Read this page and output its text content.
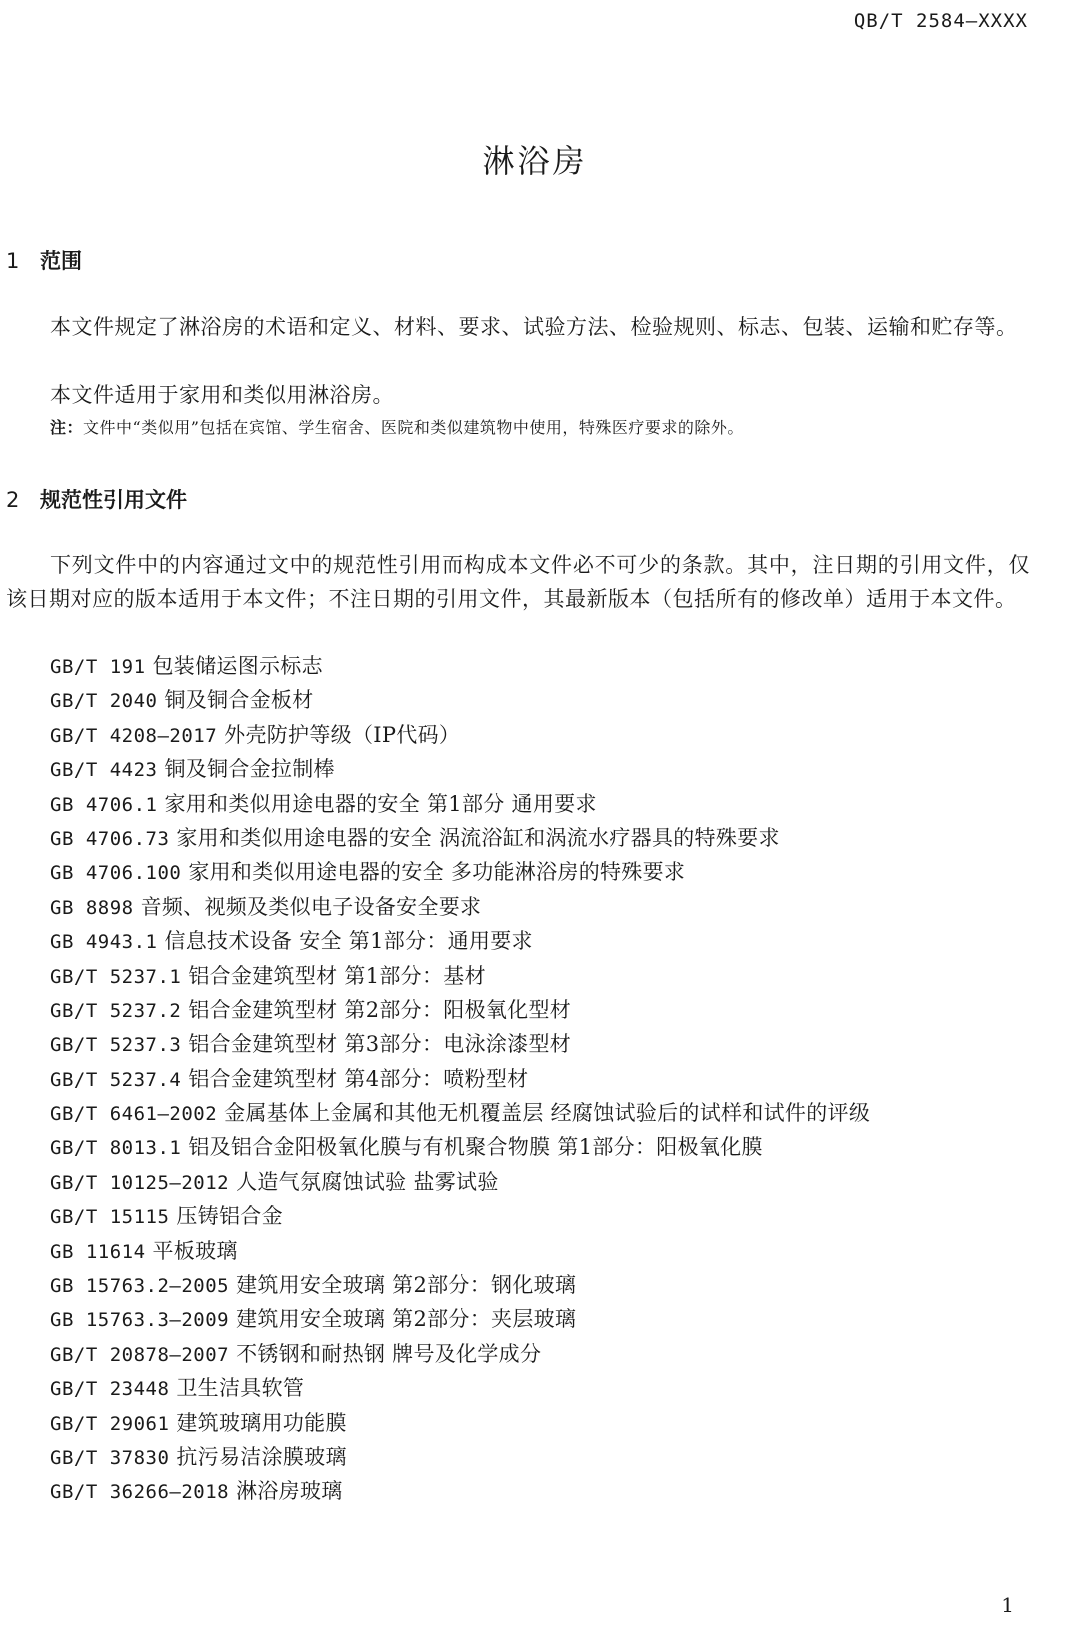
QB/T 2584—XXXX
淋浴房
1 范围
本文件规定了淋浴房的术语和定义、材料、要求、试验方法、检验规则、标志、包装、运输和贮存等。
本文件适用于家用和类似用淋浴房。
注：文件中“类似用”包括在宾馆、学生宿舍、医院和类似建筑物中使用，特殊医疗要求的除外。
2 规范性引用文件
下列文件中的内容通过文中的规范性引用而构成本文件必不可少的条款。其中，注日期的引用文件，仅该日期对应的版本适用于本文件；不注日期的引用文件，其最新版本（包括所有的修改单）适用于本文件。
GB/T 191 包装储运图示标志
GB/T 2040 铜及铜合金板材
GB/T 4208—2017 外壳防护等级（IP代码）
GB/T 4423 铜及铜合金拉制棒
GB 4706.1 家用和类似用途电器的安全 第1部分 通用要求
GB 4706.73 家用和类似用途电器的安全 涡流浴缸和涡流水疗器具的特殊要求
GB 4706.100 家用和类似用途电器的安全 多功能淋浴房的特殊要求
GB 8898 音频、视频及类似电子设备安全要求
GB 4943.1 信息技术设备 安全 第1部分：通用要求
GB/T 5237.1 铝合金建筑型材 第1部分：基材
GB/T 5237.2 铝合金建筑型材 第2部分：阳极氧化型材
GB/T 5237.3 铝合金建筑型材 第3部分：电泳涂漆型材
GB/T 5237.4 铝合金建筑型材 第4部分：喷粉型材
GB/T 6461—2002 金属基体上金属和其他无机覆盖层 经腐蚀试验后的试样和试件的评级
GB/T 8013.1 铝及铝合金阳极氧化膜与有机聚合物膜 第1部分：阳极氧化膜
GB/T 10125—2012 人造气氛腐蚀试验 盐雾试验
GB/T 15115 压铸铝合金
GB 11614 平板玻璃
GB 15763.2—2005 建筑用安全玻璃 第2部分：钢化玻璃
GB 15763.3—2009 建筑用安全玻璃 第2部分：夹层玻璃
GB/T 20878—2007 不锈钢和耐热钢 牌号及化学成分
GB/T 23448 卫生洁具软管
GB/T 29061 建筑玻璃用功能膜
GB/T 37830 抗污易洁涂膜玻璃
GB/T 36266—2018 淋浴房玻璃
1
